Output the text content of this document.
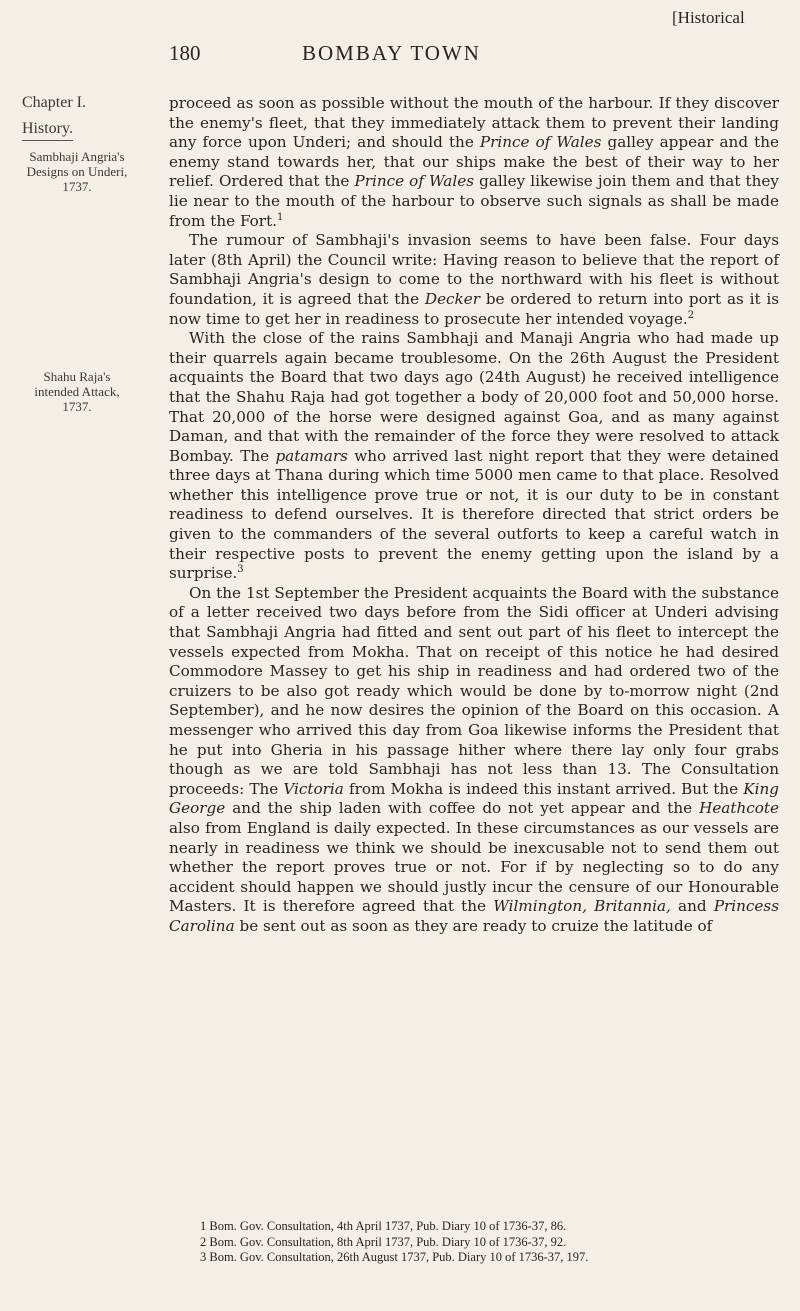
[Historical
180	BOMBAY TOWN
Chapter I.
History.
Sambhaji Angria's Designs on Underi, 1737.
Shahu Raja's intended Attack, 1737.

proceed as soon as possible without the mouth of the harbour. If they discover the enemy's fleet, that they immediately attack them to prevent their landing any force upon Underi; and should the Prince of Wales galley appear and the enemy stand towards her, that our ships make the best of their way to her relief. Ordered that the Prince of Wales galley likewise join them and that they lie near to the mouth of the harbour to observe such signals as shall be made from the Fort.$^1$

The rumour of Sambhaji's invasion seems to have been false. Four days later (8th April) the Council write: Having reason to believe that the report of Sambhaji Angria's design to come to the northward with his fleet is without foundation, it is agreed that the Decker be ordered to return into port as it is now time to get her in readiness to prosecute her intended voyage.$^2$

With the close of the rains Sambhaji and Manaji Angria who had made up their quarrels again became troublesome. On the 26th August the President acquaints the Board that two days ago (24th August) he received intelligence that the Shahu Raja had got together a body of 20,000 foot and 50,000 horse. That 20,000 of the horse were designed against Goa, and as many against Daman, and that with the remainder of the force they were resolved to attack Bombay. The patamars who arrived last night report that they were detained three days at Thana during which time 5000 men came to that place. Resolved whether this intelligence prove true or not, it is our duty to be in constant readiness to defend ourselves. It is therefore directed that strict orders be given to the commanders of the several outforts to keep a careful watch in their respective posts to prevent the enemy getting upon the island by a surprise.$^3$

On the 1st September the President acquaints the Board with the substance of a letter received two days before from the Sidi officer at Underi advising that Sambhaji Angria had fitted and sent out part of his fleet to intercept the vessels expected from Mokha. That on receipt of this notice he had desired Commodore Massey to get his ship in readiness and had ordered two of the cruizers to be also got ready which would be done by to-morrow night (2nd September), and he now desires the opinion of the Board on this occasion. A messenger who arrived this day from Goa likewise informs the President that he put into Gheria in his passage hither where there lay only four grabs though as we are told Sambhaji has not less than 13. The Consultation proceeds: The Victoria from Mokha is indeed this instant arrived. But the King George and the ship laden with coffee do not yet appear and the Heathcote also from England is daily expected. In these circumstances as our vessels are nearly in readiness we think we should be inexcusable not to send them out whether the report proves true or not. For if by neglecting so to do any accident should happen we should justly incur the censure of our Honourable Masters. It is therefore agreed that the Wilmington, Britannia, and Princess Carolina be sent out as soon as they are ready to cruize the latitude of

1 Bom. Gov. Consultation, 4th April 1737, Pub. Diary 10 of 1736-37, 86.
2 Bom. Gov. Consultation, 8th April 1737, Pub. Diary 10 of 1736-37, 92.
3 Bom. Gov. Consultation, 26th August 1737, Pub. Diary 10 of 1736-37, 197.
